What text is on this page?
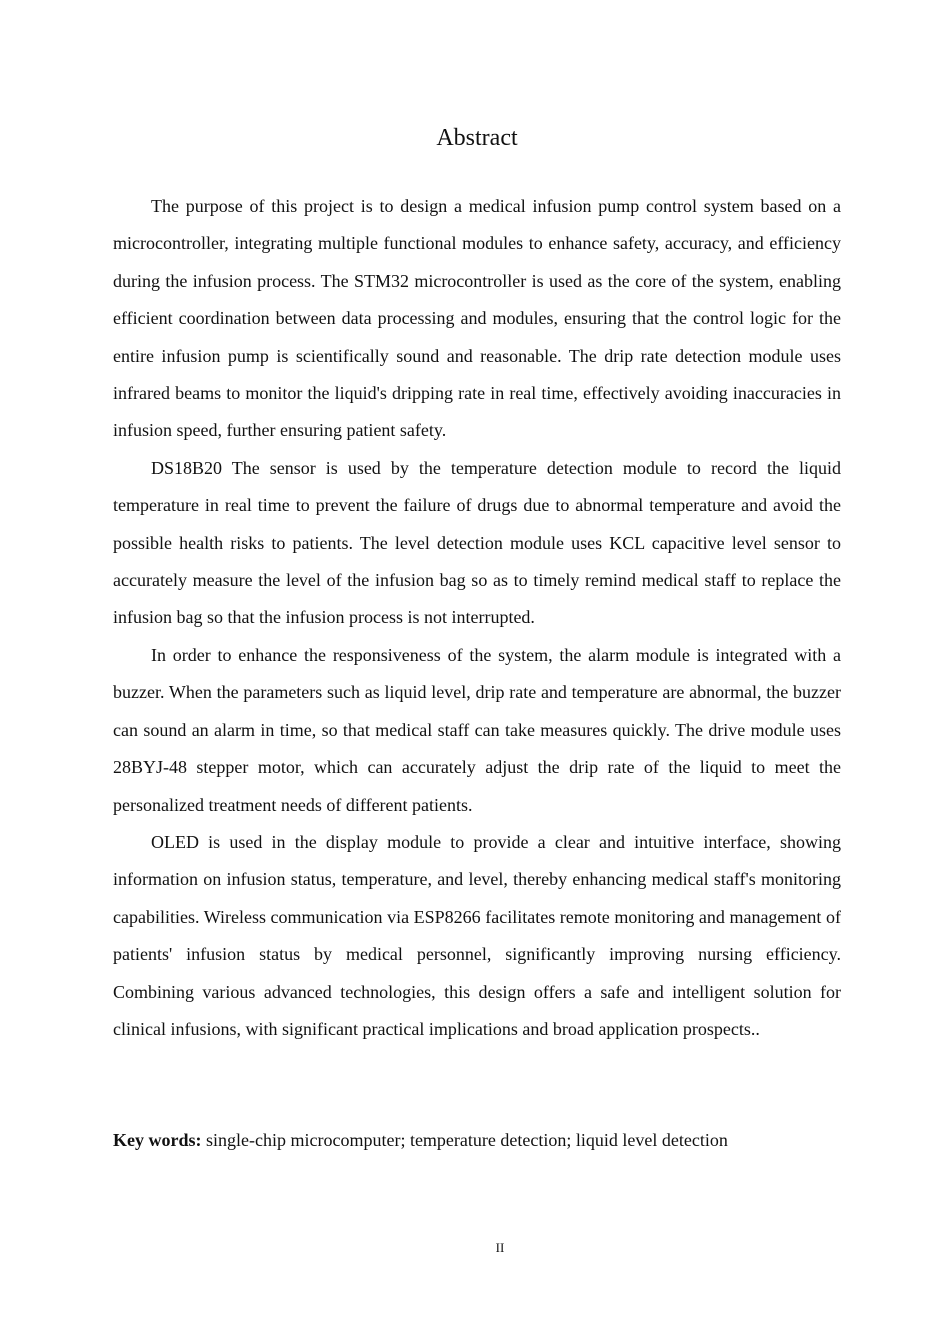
Abstract

The purpose of this project is to design a medical infusion pump control system based on a microcontroller, integrating multiple functional modules to enhance safety, accuracy, and efficiency during the infusion process. The STM32 microcontroller is used as the core of the system, enabling efficient coordination between data processing and modules, ensuring that the control logic for the entire infusion pump is scientifically sound and reasonable. The drip rate detection module uses infrared beams to monitor the liquid's dripping rate in real time, effectively avoiding inaccuracies in infusion speed, further ensuring patient safety.

DS18B20 The sensor is used by the temperature detection module to record the liquid temperature in real time to prevent the failure of drugs due to abnormal temperature and avoid the possible health risks to patients. The level detection module uses KCL capacitive level sensor to accurately measure the level of the infusion bag so as to timely remind medical staff to replace the infusion bag so that the infusion process is not interrupted.

In order to enhance the responsiveness of the system, the alarm module is integrated with a buzzer. When the parameters such as liquid level, drip rate and temperature are abnormal, the buzzer can sound an alarm in time, so that medical staff can take measures quickly. The drive module uses 28BYJ-48 stepper motor, which can accurately adjust the drip rate of the liquid to meet the personalized treatment needs of different patients.

OLED is used in the display module to provide a clear and intuitive interface, showing information on infusion status, temperature, and level, thereby enhancing medical staff's monitoring capabilities. Wireless communication via ESP8266 facilitates remote monitoring and management of patients' infusion status by medical personnel, significantly improving nursing efficiency. Combining various advanced technologies, this design offers a safe and intelligent solution for clinical infusions, with significant practical implications and broad application prospects..

Key words: single-chip microcomputer; temperature detection; liquid level detection

II
